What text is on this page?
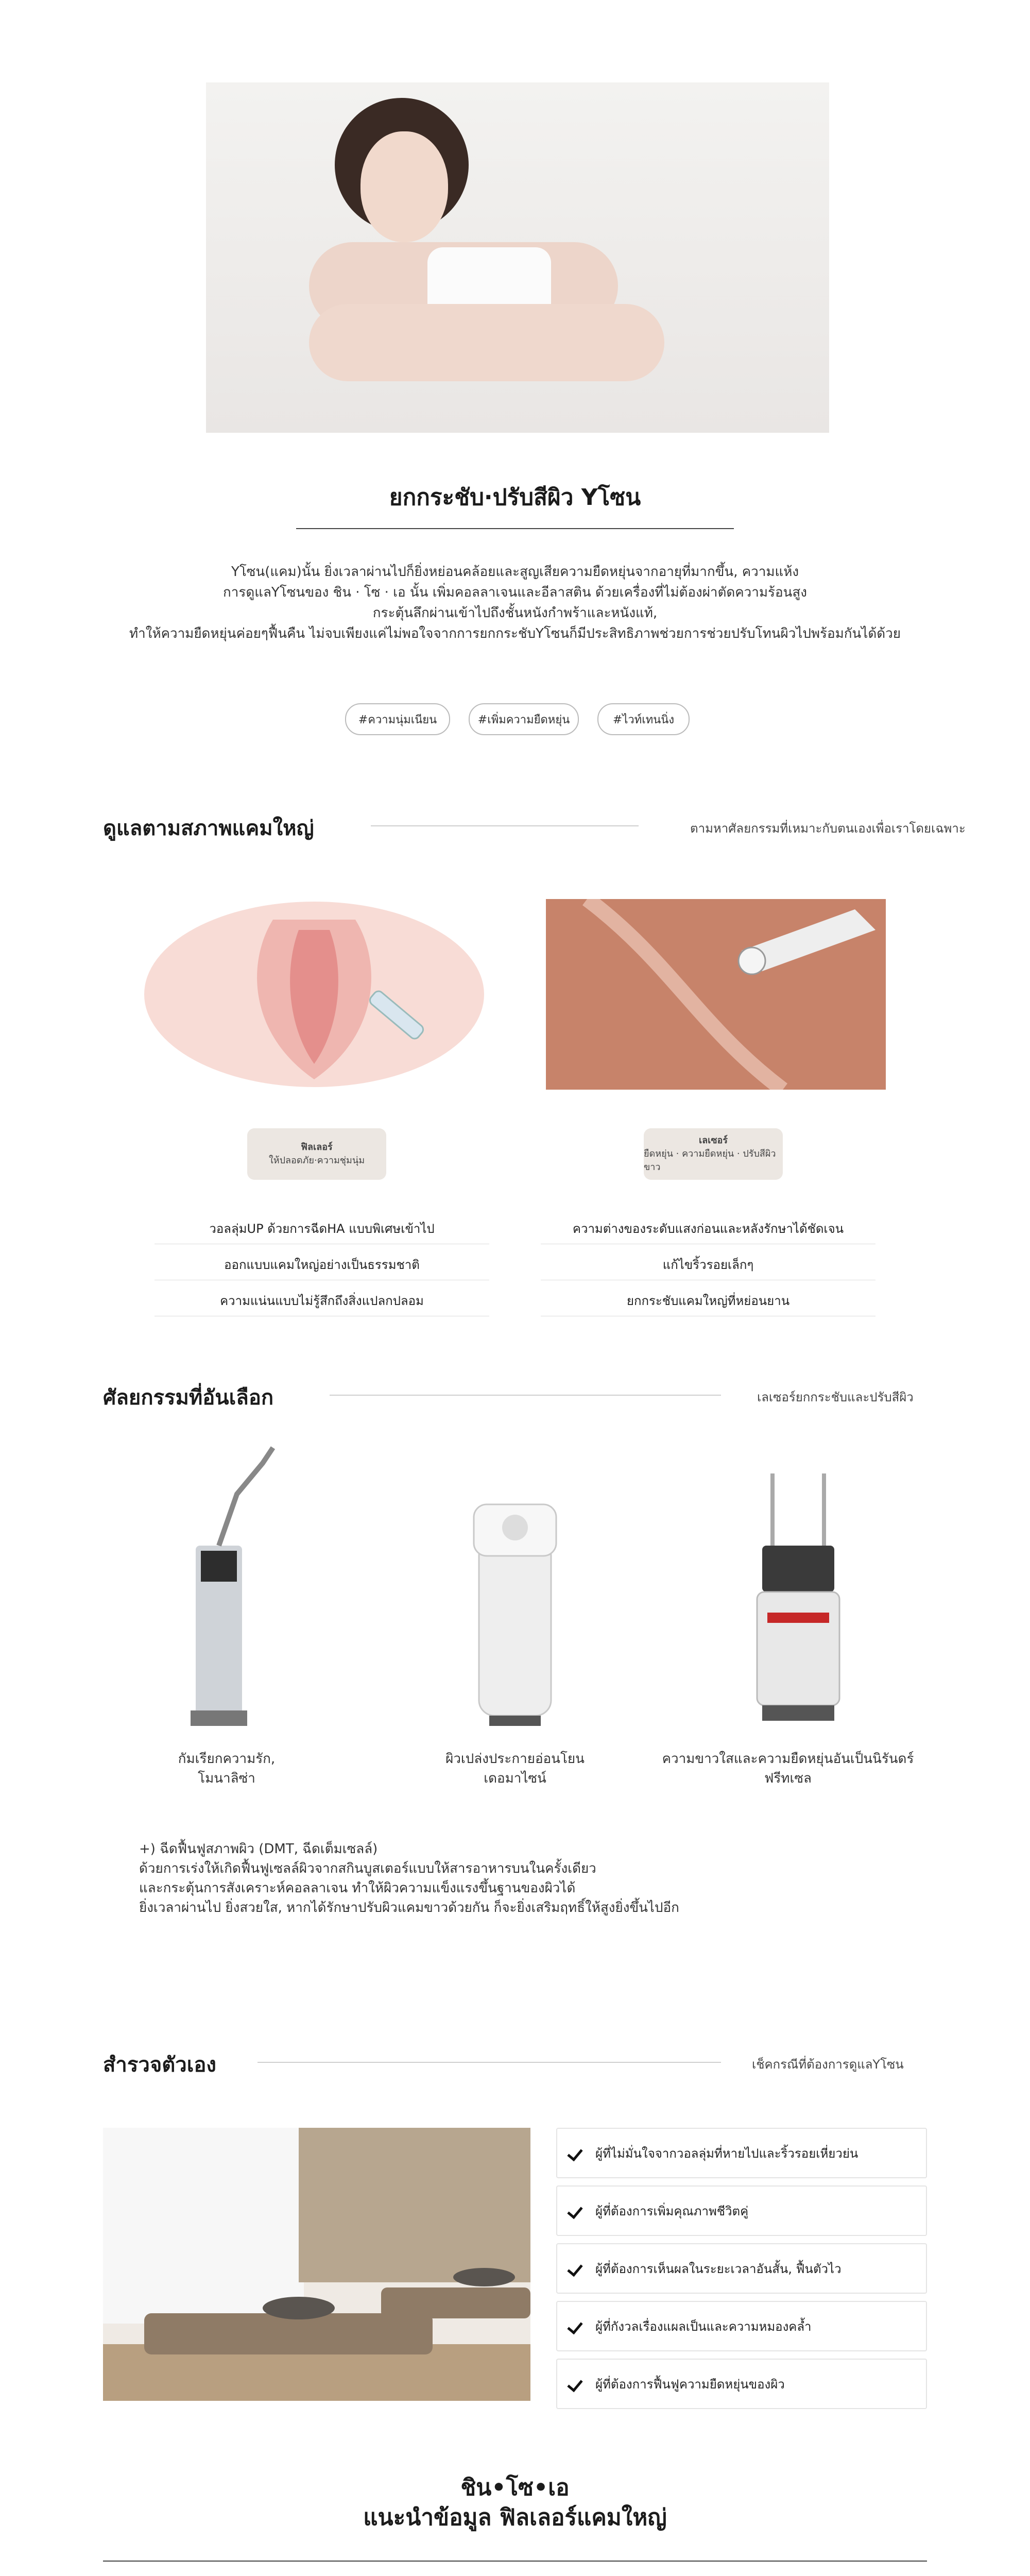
ยกกระชับ·ปรับสีผิว Yโซน
Yโซน(แคม)นั้น ยิ่งเวลาผ่านไปก็ยิ่งหย่อนคล้อยและสูญเสียความยืดหยุ่นจากอายุที่มากขึ้น, ความแห้ง
การดูแลYโซนของ ชิน · โซ · เอ นั้น เพิ่มคอลลาเจนและอีลาสติน ด้วยเครื่องที่ไม่ต้องผ่าตัดความร้อนสูง
กระตุ้นลึกผ่านเข้าไปถึงชั้นหนังกำพร้าและหนังแท้,
ทำให้ความยืดหยุ่นค่อยๆฟื้นคืน ไม่จบเพียงแค่ไม่พอใจจากการยกกระชับYโซนก็มีประสิทธิภาพช่วยการช่วยปรับโทนผิวไปพร้อมกันได้ด้วย
#ความนุ่มเนียน	#เพิ่มความยืดหยุ่น	#ไวท์เทนนิ่ง
ดูแลตามสภาพแคมใหญ่	ตามหาศัลยกรรมที่เหมาะกับตนเองเพื่อเราโดยเฉพาะ
ฟิลเลอร์
ให้ปลอดภัย·ความชุ่มนุ่ม
เลเซอร์
ยืดหยุ่น · ความยืดหยุ่น · ปรับสีผิวขาว
วอลลุ่มUP ด้วยการฉีดHA แบบพิเศษเข้าไป
ออกแบบแคมใหญ่อย่างเป็นธรรมชาติ
ความแน่นแบบไม่รู้สึกถึงสิ่งแปลกปลอม
ความต่างของระดับแสงก่อนและหลังรักษาได้ชัดเจน
แก้ไขริ้วรอยเล็กๆ
ยกกระชับแคมใหญ่ที่หย่อนยาน
ศัลยกรรมที่อันเลือก	เลเซอร์ยกกระชับและปรับสีผิว
กัมเรียกความรัก,
โมนาลิซ่า
ผิวเปล่งประกายอ่อนโยน
เดอมาไซน์
ความขาวใสและความยืดหยุ่นอันเป็นนิรันดร์
ฟรีทเซล
+) ฉีดฟื้นฟูสภาพผิว (DMT, ฉีดเต็มเซลล์)
ด้วยการเร่งให้เกิดฟื้นฟูเซลล์ผิวจากสกินบูสเตอร์แบบให้สารอาหารบนในครั้งเดียว
และกระตุ้นการสังเคราะห์คอลลาเจน ทำให้ผิวความแข็งแรงขึ้นฐานของผิวได้
ยิ่งเวลาผ่านไป ยิ่งสวยใส, หากได้รักษาปรับผิวแคมขาวด้วยกัน ก็จะยิ่งเสริมฤทธิ์ให้สูงยิ่งขึ้นไปอีก
สำรวจตัวเอง	เช็คกรณีที่ต้องการดูแลYโซน
ผู้ที่ไม่มั่นใจจากวอลลุ่มที่หายไปและริ้วรอยเหี่ยวย่น
ผู้ที่ต้องการเพิ่มคุณภาพชีวิตคู่
ผู้ที่ต้องการเห็นผลในระยะเวลาอันสั้น, ฟื้นตัวไว
ผู้ที่กังวลเรื่องแผลเป็นและความหมองคล้ำ
ผู้ที่ต้องการฟื้นฟูความยืดหยุ่นของผิว
ชิน•โซ•เอ
แนะนำข้อมูล ฟิลเลอร์แคมใหญ่
